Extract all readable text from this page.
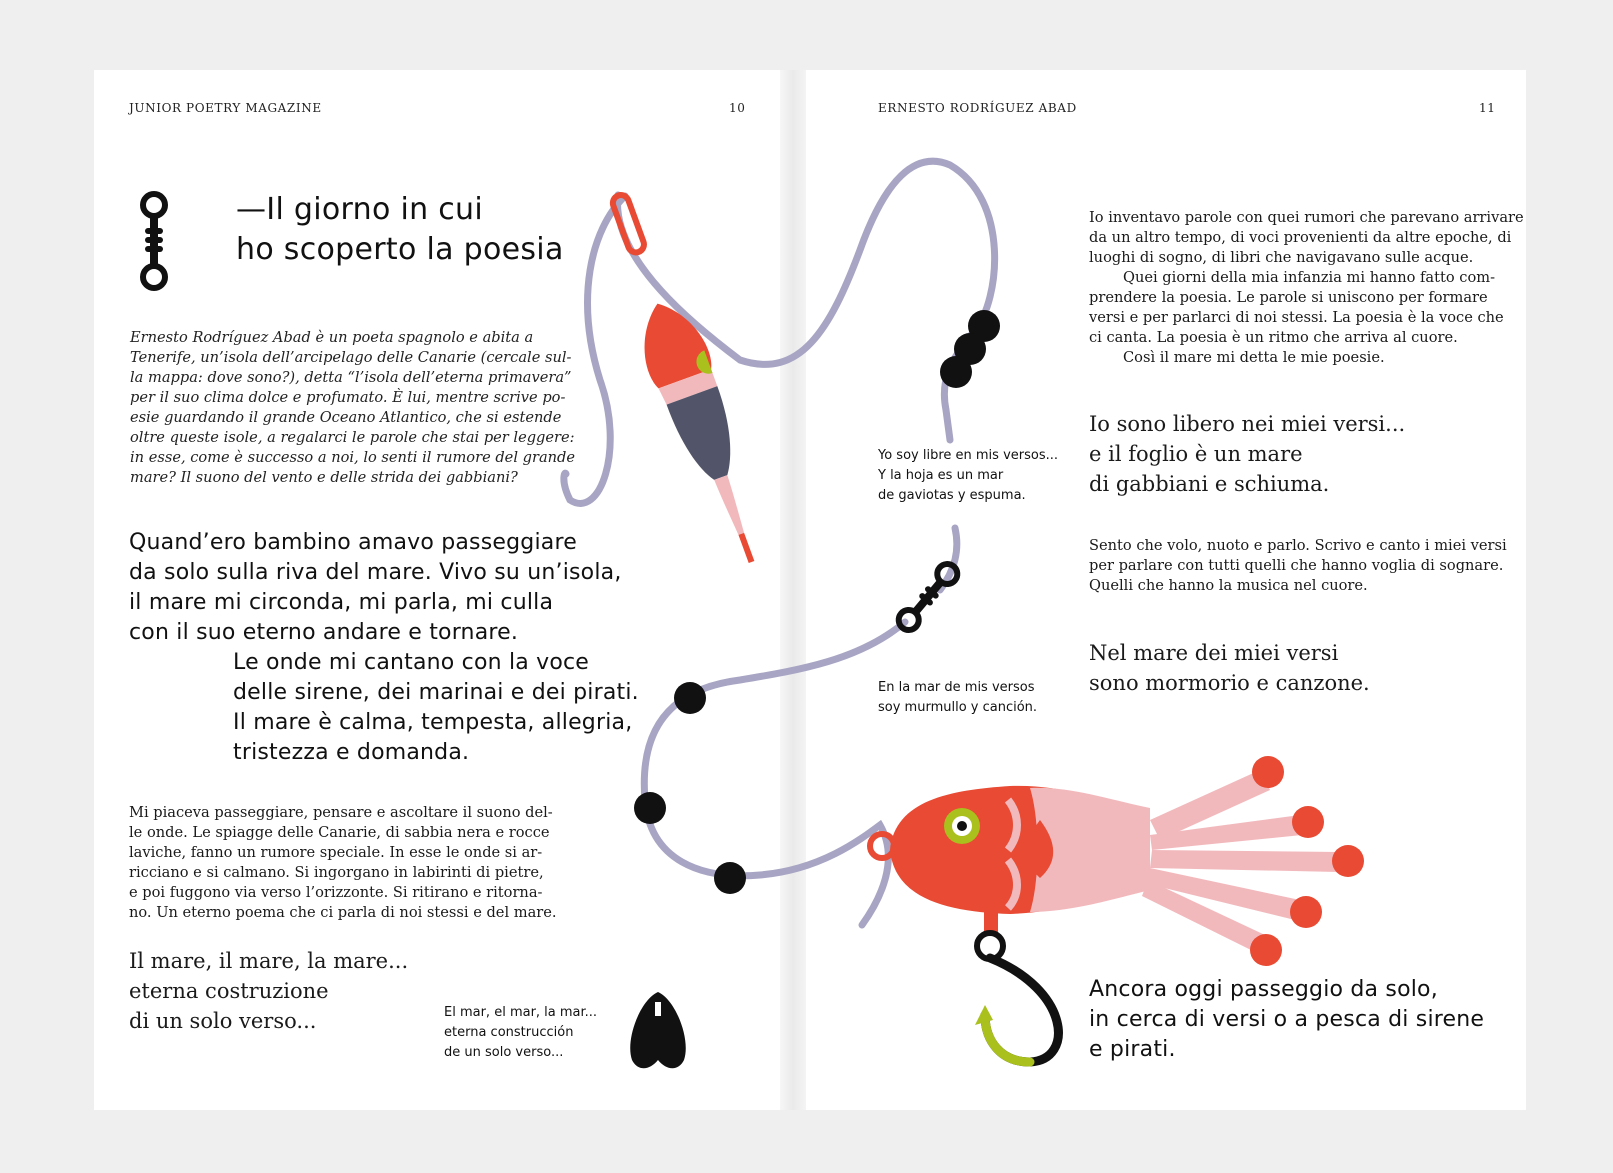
JUNIOR POETRY MAGAZINE	10
—Il giorno in cui
ho scoperto la poesia

Ernesto Rodríguez Abad è un poeta spagnolo e abita a
Tenerife, un’isola dell’arcipelago delle Canarie (cercale sul-
la mappa: dove sono?), detta “l’isola dell’eterna primavera”
per il suo clima dolce e profumato. È lui, mentre scrive po-
esie guardando il grande Oceano Atlantico, che si estende
oltre queste isole, a regalarci le parole che stai per leggere:
in esse, come è successo a noi, lo senti il rumore del grande
mare? Il suono del vento e delle strida dei gabbiani?

Quand’ero bambino amavo passeggiare
da solo sulla riva del mare. Vivo su un’isola,
il mare mi circonda, mi parla, mi culla
con il suo eterno andare e tornare.

Le onde mi cantano con la voce
delle sirene, dei marinai e dei pirati.
Il mare è calma, tempesta, allegria,
tristezza e domanda.

Mi piaceva passeggiare, pensare e ascoltare il suono del-
le onde. Le spiagge delle Canarie, di sabbia nera e rocce
laviche, fanno un rumore speciale. In esse le onde si ar-
ricciano e si calmano. Si ingorgano in labirinti di pietre,
e poi fuggono via verso l’orizzonte. Si ritirano e ritorna-
no. Un eterno poema che ci parla di noi stessi e del mare.

Il mare, il mare, la mare...
eterna costruzione
di un solo verso...	El mar, el mar, la mar...
eterna construcción
de un solo verso...

ERNESTO RODRÍGUEZ ABAD	11

Io inventavo parole con quei rumori che parevano arrivare
da un altro tempo, di voci provenienti da altre epoche, di
luoghi di sogno, di libri che navigavano sulle acque.
Quei giorni della mia infanzia mi hanno fatto com-
prendere la poesia. Le parole si uniscono per formare
versi e per parlarci di noi stessi. La poesia è la voce che
ci canta. La poesia è un ritmo che arriva al cuore.
Così il mare mi detta le mie poesie.

Io sono libero nei miei versi...
e il foglio è un mare
di gabbiani e schiuma.

Yo soy libre en mis versos...
Y la hoja es un mar
de gaviotas y espuma.

Sento che volo, nuoto e parlo. Scrivo e canto i miei versi
per parlare con tutti quelli che hanno voglia di sognare.
Quelli che hanno la musica nel cuore.

Nel mare dei miei versi
sono mormorio e canzone.

En la mar de mis versos
soy murmullo y canción.

Ancora oggi passeggio da solo,
in cerca di versi o a pesca di sirene
e pirati.
